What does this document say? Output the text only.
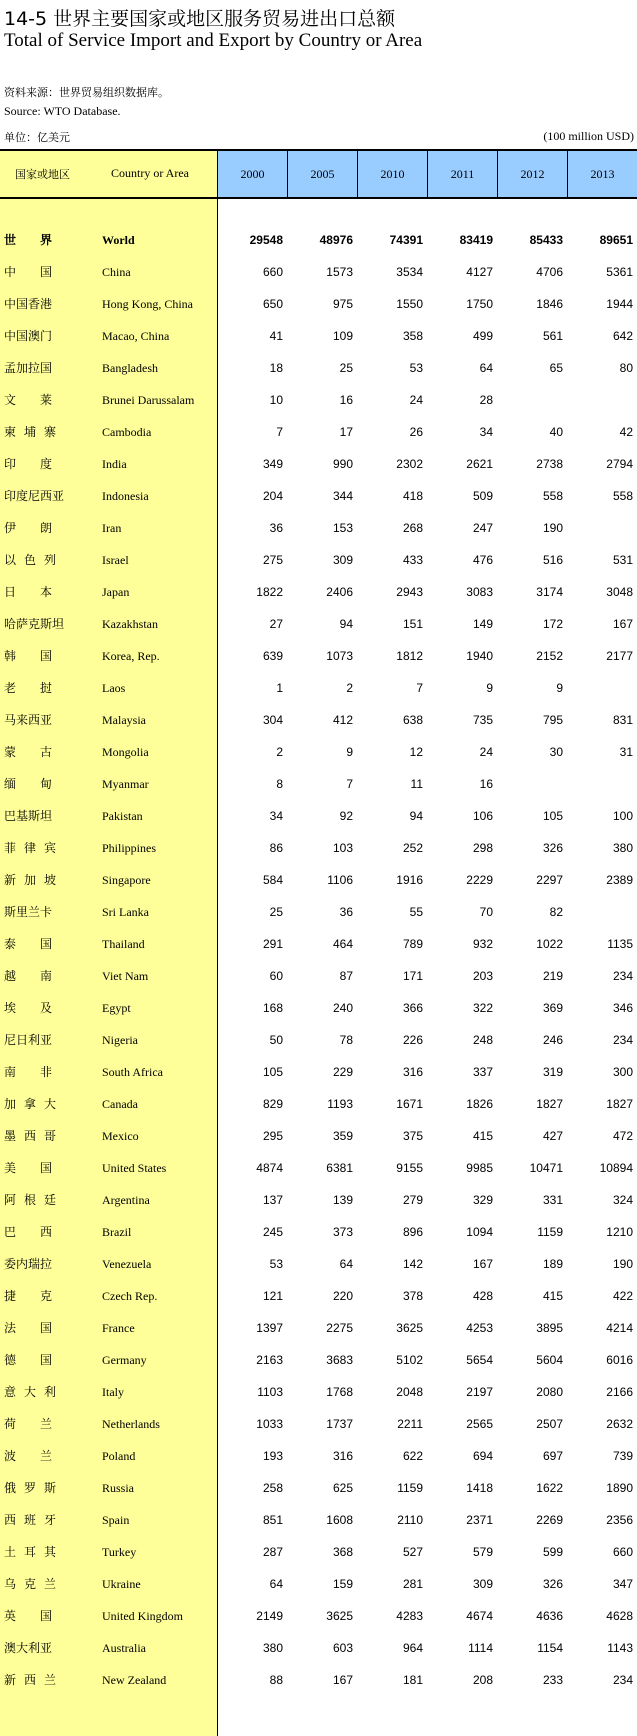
14-5 世界主要国家或地区服务贸易进出口总额
Total of Service Import and Export by Country or Area
资料来源：世界贸易组织数据库。
Source: WTO Database.
单位：亿美元	(100 million USD)
国家或地区	Country or Area	2000	2005	2010	2011	2012	2013
世 界	World	29548	48976	74391	83419	85433	89651
中 国	China	660	1573	3534	4127	4706	5361
中国香港	Hong Kong, China	650	975	1550	1750	1846	1944
中国澳门	Macao, China	41	109	358	499	561	642
孟加拉国	Bangladesh	18	25	53	64	65	80
文 莱	Brunei Darussalam	10	16	24	28
柬 埔 寨	Cambodia	7	17	26	34	40	42
印 度	India	349	990	2302	2621	2738	2794
印度尼西亚	Indonesia	204	344	418	509	558	558
伊 朗	Iran	36	153	268	247	190
以 色 列	Israel	275	309	433	476	516	531
日 本	Japan	1822	2406	2943	3083	3174	3048
哈萨克斯坦	Kazakhstan	27	94	151	149	172	167
韩 国	Korea, Rep.	639	1073	1812	1940	2152	2177
老 挝	Laos	1	2	7	9	9
马来西亚	Malaysia	304	412	638	735	795	831
蒙 古	Mongolia	2	9	12	24	30	31
缅 甸	Myanmar	8	7	11	16
巴基斯坦	Pakistan	34	92	94	106	105	100
菲 律 宾	Philippines	86	103	252	298	326	380
新 加 坡	Singapore	584	1106	1916	2229	2297	2389
斯里兰卡	Sri Lanka	25	36	55	70	82
泰 国	Thailand	291	464	789	932	1022	1135
越 南	Viet Nam	60	87	171	203	219	234
埃 及	Egypt	168	240	366	322	369	346
尼日利亚	Nigeria	50	78	226	248	246	234
南 非	South Africa	105	229	316	337	319	300
加 拿 大	Canada	829	1193	1671	1826	1827	1827
墨 西 哥	Mexico	295	359	375	415	427	472
美 国	United States	4874	6381	9155	9985	10471	10894
阿 根 廷	Argentina	137	139	279	329	331	324
巴 西	Brazil	245	373	896	1094	1159	1210
委内瑞拉	Venezuela	53	64	142	167	189	190
捷 克	Czech Rep.	121	220	378	428	415	422
法 国	France	1397	2275	3625	4253	3895	4214
德 国	Germany	2163	3683	5102	5654	5604	6016
意 大 利	Italy	1103	1768	2048	2197	2080	2166
荷 兰	Netherlands	1033	1737	2211	2565	2507	2632
波 兰	Poland	193	316	622	694	697	739
俄 罗 斯	Russia	258	625	1159	1418	1622	1890
西 班 牙	Spain	851	1608	2110	2371	2269	2356
土 耳 其	Turkey	287	368	527	579	599	660
乌 克 兰	Ukraine	64	159	281	309	326	347
英 国	United Kingdom	2149	3625	4283	4674	4636	4628
澳大利亚	Australia	380	603	964	1114	1154	1143
新 西 兰	New Zealand	88	167	181	208	233	234
